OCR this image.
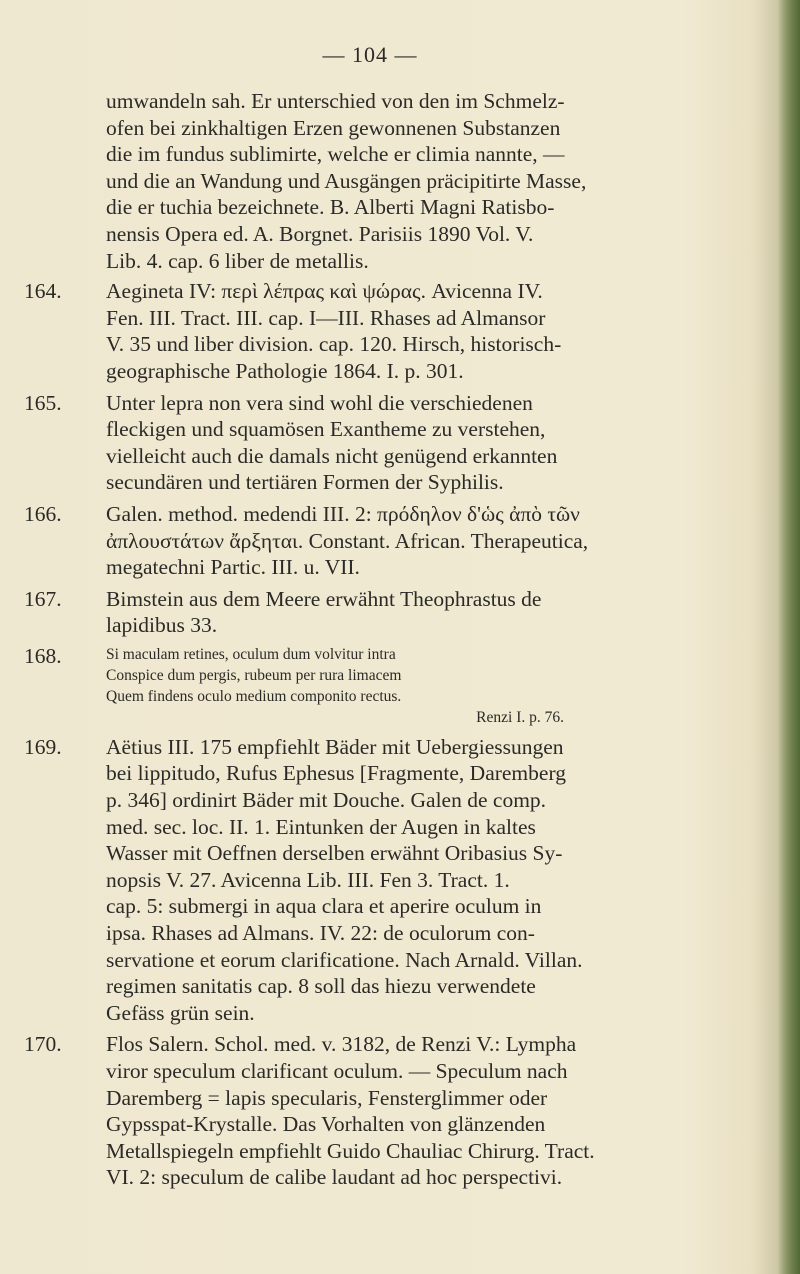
— 104 —

umwandeln sah. Er unterschied von den im Schmelz-
ofen bei zinkhaltigen Erzen gewonnenen Substanzen
die im fundus sublimirte, welche er climia nannte, —
und die an Wandung und Ausgängen präcipitirte Masse,
die er tuchia bezeichnete. B. Alberti Magni Ratisbo-
nensis Opera ed. A. Borgnet. Parisiis 1890 Vol. V.
Lib. 4. cap. 6 liber de metallis.

164.	Aegineta IV: περὶ λέπρας καὶ ψώρας. Avicenna IV.
Fen. III. Tract. III. cap. I—III. Rhases ad Almansor
V. 35 und liber division. cap. 120. Hirsch, historisch-
geographische Pathologie 1864. I. p. 301.
165.	Unter lepra non vera sind wohl die verschiedenen
fleckigen und squamösen Exantheme zu verstehen,
vielleicht auch die damals nicht genügend erkannten
secundären und tertiären Formen der Syphilis.
166.	Galen. method. medendi III. 2: πρόδηλον δ'ὡς ἀπὸ τῶν
ἀπλουστάτων ἄρξηται. Constant. African. Therapeutica,
megatechni Partic. III. u. VII.
167.	Bimstein aus dem Meere erwähnt Theophrastus de
lapidibus 33.
168.	Si maculam retines, oculum dum volvitur intra
Conspice dum pergis, rubeum per rura limacem
Quem findens oculo medium componito rectus.
Renzi I. p. 76.
169.	Aëtius III. 175 empfiehlt Bäder mit Uebergiessungen
bei lippitudo, Rufus Ephesus [Fragmente, Daremberg
p. 346] ordinirt Bäder mit Douche. Galen de comp.
med. sec. loc. II. 1. Eintunken der Augen in kaltes
Wasser mit Oeffnen derselben erwähnt Oribasius Sy-
nopsis V. 27. Avicenna Lib. III. Fen 3. Tract. 1.
cap. 5: submergi in aqua clara et aperire oculum in
ipsa. Rhases ad Almans. IV. 22: de oculorum con-
servatione et eorum clarificatione. Nach Arnald. Villan.
regimen sanitatis cap. 8 soll das hiezu verwendete
Gefäss grün sein.
170.	Flos Salern. Schol. med. v. 3182, de Renzi V.: Lympha
viror speculum clarificant oculum. — Speculum nach
Daremberg = lapis specularis, Fensterglimmer oder
Gypsspat-Krystalle. Das Vorhalten von glänzenden
Metallspiegeln empfiehlt Guido Chauliac Chirurg. Tract.
VI. 2: speculum de calibe laudant ad hoc perspectivi.
